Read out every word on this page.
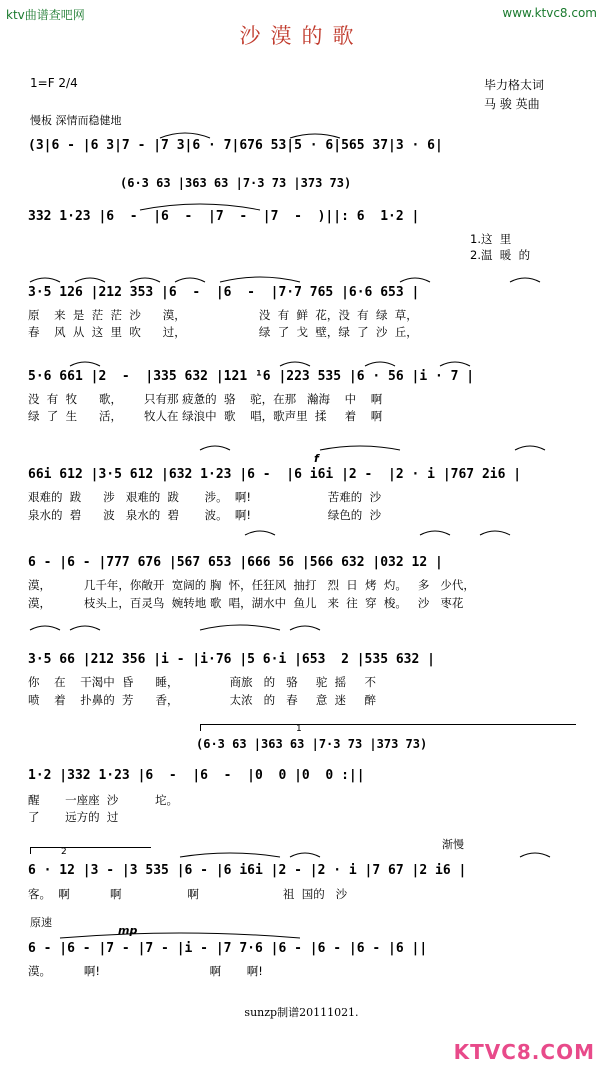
ktv曲谱查吧网	www.ktvc8.com
沙漠的歌
1=F 2/4	毕力格太词
马 骏 英曲
慢板 深情而稳健地
(3|6 - |6 3|7 - |7 3|6 · 7|676 53|5 · 6|565 37|3 · 6|
(6·3 63 |363 63 |7·3 73 |373 73)
332 1·23 |6  -  |6  -  |7  -  |7  -  )||: 6  1·2 |
1.这  里
2.温  暖  的
3·5 126 |212 353 |6  -  |6  -  |7·7 765 |6·6 653 |
原    来  是  茫  茫  沙      漠，                    没  有  鲜  花，没  有  绿  草，
春    风  从  这  里  吹      过，                    绿  了  戈  壁，绿  了  沙  丘，
5·6 661 |2  -  |335 632 |121 ¹6 |223 535 |6 · 56 |i · 7 |
没  有  牧      歌，      只有那 疲惫的  骆    驼，在那   瀚海    中    啊
绿  了  生      活，      牧人在 绿浪中  歌    唱，歌声里  揉     着    啊
f
66i 612 |3·5 612 |632 1·23 |6 -  |6 i6i |2 -  |2 · i |767 2i6 |
艰难的  跋      涉   艰难的  跋       涉。  啊!                     苦难的  沙
泉水的  碧      波   泉水的  碧       波。  啊!                     绿色的  沙
6 - |6 - |777 676 |567 653 |666 56 |566 632 |032 12 |
漠，         几千年，你敞开  宽阔的 胸  怀，任狂风  抽打   烈  日  烤  灼。   多   少代，
漠，         枝头上，百灵鸟  婉转地 歌  唱，湖水中  鱼儿   来  往  穿  梭。   沙   枣花
3·5 66 |212 356 |i - |i·76 |5 6·i |653  2 |535 632 |
你    在    干渴中  昏      睡，              商旅   的   骆     驼  摇     不
喷    着    扑鼻的  芳      香，              太浓   的   春     意  迷     醉
1
(6·3 63 |363 63 |7·3 73 |373 73)
1·2 |332 1·23 |6  -  |6  -  |0  0 |0  0 :||
醒       一座座  沙          坨。
了       远方的  过
渐慢
2
6 · 12 |3 - |3 535 |6 - |6 i6i |2 - |2 · i |7 67 |2 i6 |
客。  啊           啊                  啊                       祖  国的   沙
原速
mp
6 - |6 - |7 - |7 - |i - |7 7·6 |6 - |6 - |6 - |6 ||
漠。         啊!                              啊       啊!
sunzp制谱20111021.
KTVC8.COM
